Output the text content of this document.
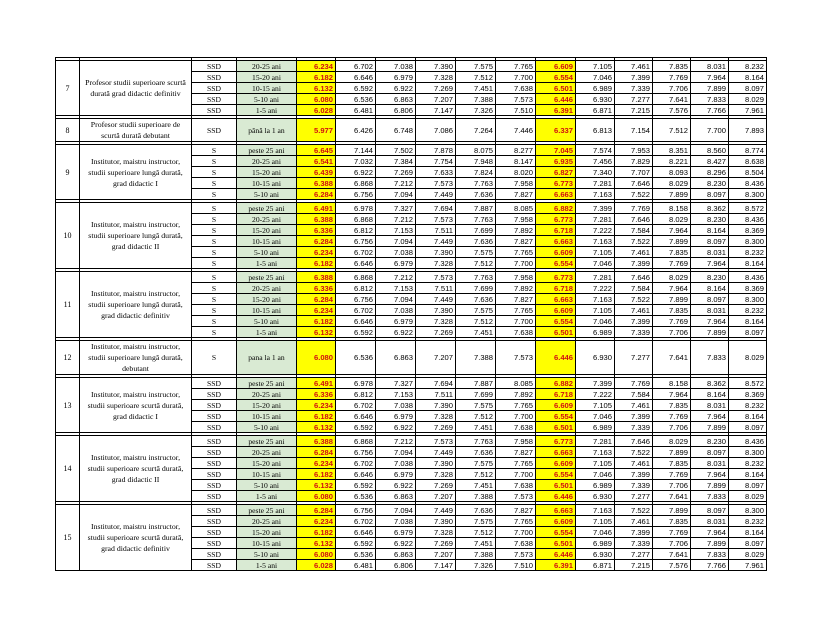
7	Profesor studii superioare scurtă durată grad didactic definitiv	SSD	20-25 ani	6.234	6.702	7.038	7.390	7.575	7.765	6.609	7.105	7.461	7.835	8.031	8.232
		SSD	15-20 ani	6.182	6.646	6.979	7.328	7.512	7.700	6.554	7.046	7.399	7.769	7.964	8.164
		SSD	10-15 ani	6.132	6.592	6.922	7.269	7.451	7.638	6.501	6.989	7.339	7.706	7.899	8.097
		SSD	5-10 ani	6.080	6.536	6.863	7.207	7.388	7.573	6.446	6.930	7.277	7.641	7.833	8.029
		SSD	1-5 ani	6.028	6.481	6.806	7.147	7.326	7.510	6.391	6.871	7.215	7.576	7.766	7.961

8	Profesor studii superioare de scurtă durată debutant	SSD	până la 1 an	5.977	6.426	6.748	7.086	7.264	7.446	6.337	6.813	7.154	7.512	7.700	7.893

9	Institutor, maistru instructor, studii superioare lungă durată, grad didactic I	S	peste 25 ani	6.645	7.144	7.502	7.878	8.075	8.277	7.045	7.574	7.953	8.351	8.560	8.774
		S	20-25 ani	6.541	7.032	7.384	7.754	7.948	8.147	6.935	7.456	7.829	8.221	8.427	8.638
		S	15-20 ani	6.439	6.922	7.269	7.633	7.824	8.020	6.827	7.340	7.707	8.093	8.296	8.504
		S	10-15 ani	6.388	6.868	7.212	7.573	7.763	7.958	6.773	7.281	7.646	8.029	8.230	8.436
		S	5-10 ani	6.284	6.756	7.094	7.449	7.636	7.827	6.663	7.163	7.522	7.899	8.097	8.300

10	Institutor, maistru instructor, studii superioare lungă durată, grad didactic II	S	peste 25 ani	6.491	6.978	7.327	7.694	7.887	8.085	6.882	7.399	7.769	8.158	8.362	8.572
		S	20-25 ani	6.388	6.868	7.212	7.573	7.763	7.958	6.773	7.281	7.646	8.029	8.230	8.436
		S	15-20 ani	6.336	6.812	7.153	7.511	7.699	7.892	6.718	7.222	7.584	7.964	8.164	8.369
		S	10-15 ani	6.284	6.756	7.094	7.449	7.636	7.827	6.663	7.163	7.522	7.899	8.097	8.300
		S	5-10 ani	6.234	6.702	7.038	7.390	7.575	7.765	6.609	7.105	7.461	7.835	8.031	8.232
		S	1-5 ani	6.182	6.646	6.979	7.328	7.512	7.700	6.554	7.046	7.399	7.769	7.964	8.164

11	Institutor, maistru instructor, studii superioare lungă durată, grad didactic definitiv	S	peste 25 ani	6.388	6.868	7.212	7.573	7.763	7.958	6.773	7.281	7.646	8.029	8.230	8.436
		S	20-25 ani	6.336	6.812	7.153	7.511	7.699	7.892	6.718	7.222	7.584	7.964	8.164	8.369
		S	15-20 ani	6.284	6.756	7.094	7.449	7.636	7.827	6.663	7.163	7.522	7.899	8.097	8.300
		S	10-15 ani	6.234	6.702	7.038	7.390	7.575	7.765	6.609	7.105	7.461	7.835	8.031	8.232
		S	5-10 ani	6.182	6.646	6.979	7.328	7.512	7.700	6.554	7.046	7.399	7.769	7.964	8.164
		S	1-5 ani	6.132	6.592	6.922	7.269	7.451	7.638	6.501	6.989	7.339	7.706	7.899	8.097

12	Institutor, maistru instructor, studii superioare lungă durată, debutant	S	pana la 1 an	6.080	6.536	6.863	7.207	7.388	7.573	6.446	6.930	7.277	7.641	7.833	8.029

13	Institutor, maistru instructor, studii superioare scurtă durată, grad didactic I	SSD	peste 25 ani	6.491	6.978	7.327	7.694	7.887	8.085	6.882	7.399	7.769	8.158	8.362	8.572
		SSD	20-25 ani	6.336	6.812	7.153	7.511	7.699	7.892	6.718	7.222	7.584	7.964	8.164	8.369
		SSD	15-20 ani	6.234	6.702	7.038	7.390	7.575	7.765	6.609	7.105	7.461	7.835	8.031	8.232
		SSD	10-15 ani	6.182	6.646	6.979	7.328	7.512	7.700	6.554	7.046	7.399	7.769	7.964	8.164
		SSD	5-10 ani	6.132	6.592	6.922	7.269	7.451	7.638	6.501	6.989	7.339	7.706	7.899	8.097

14	Institutor, maistru instructor, studii superioare scurtă durată, grad didactic II	SSD	peste 25 ani	6.388	6.868	7.212	7.573	7.763	7.958	6.773	7.281	7.646	8.029	8.230	8.436
		SSD	20-25 ani	6.284	6.756	7.094	7.449	7.636	7.827	6.663	7.163	7.522	7.899	8.097	8.300
		SSD	15-20 ani	6.234	6.702	7.038	7.390	7.575	7.765	6.609	7.105	7.461	7.835	8.031	8.232
		SSD	10-15 ani	6.182	6.646	6.979	7.328	7.512	7.700	6.554	7.046	7.399	7.769	7.964	8.164
		SSD	5-10 ani	6.132	6.592	6.922	7.269	7.451	7.638	6.501	6.989	7.339	7.706	7.899	8.097
		SSD	1-5 ani	6.080	6.536	6.863	7.207	7.388	7.573	6.446	6.930	7.277	7.641	7.833	8.029

15	Institutor, maistru instructor, studii superioare scurtă durată, grad didactic definitiv	SSD	peste 25 ani	6.284	6.756	7.094	7.449	7.636	7.827	6.663	7.163	7.522	7.899	8.097	8.300
		SSD	20-25 ani	6.234	6.702	7.038	7.390	7.575	7.765	6.609	7.105	7.461	7.835	8.031	8.232
		SSD	15-20 ani	6.182	6.646	6.979	7.328	7.512	7.700	6.554	7.046	7.399	7.769	7.964	8.164
		SSD	10-15 ani	6.132	6.592	6.922	7.269	7.451	7.638	6.501	6.989	7.339	7.706	7.899	8.097
		SSD	5-10 ani	6.080	6.536	6.863	7.207	7.388	7.573	6.446	6.930	7.277	7.641	7.833	8.029
		SSD	1-5 ani	6.028	6.481	6.806	7.147	7.326	7.510	6.391	6.871	7.215	7.576	7.766	7.961
